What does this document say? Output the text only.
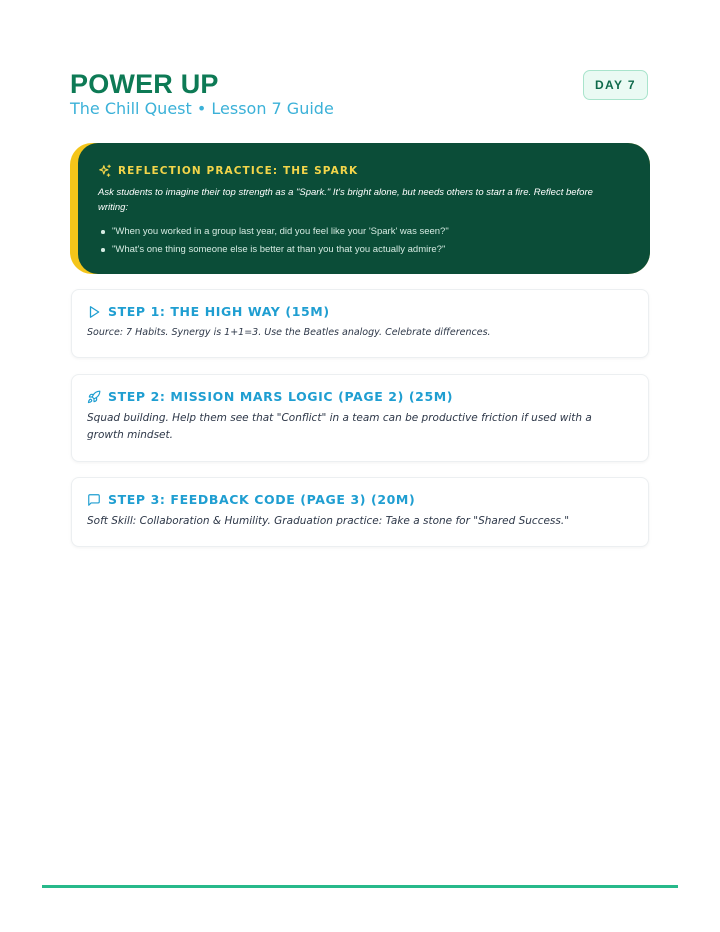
POWER UP
The Chill Quest • Lesson 7 Guide
DAY 7
REFLECTION PRACTICE: THE SPARK
Ask students to imagine their top strength as a "Spark." It's bright alone, but needs others to start a fire. Reflect before writing:
"When you worked in a group last year, did you feel like your 'Spark' was seen?"
"What's one thing someone else is better at than you that you actually admire?"
STEP 1: THE HIGH WAY (15M)
Source: 7 Habits. Synergy is 1+1=3. Use the Beatles analogy. Celebrate differences.
STEP 2: MISSION MARS LOGIC (PAGE 2) (25M)
Squad building. Help them see that "Conflict" in a team can be productive friction if used with a growth mindset.
STEP 3: FEEDBACK CODE (PAGE 3) (20M)
Soft Skill: Collaboration & Humility. Graduation practice: Take a stone for "Shared Success."
